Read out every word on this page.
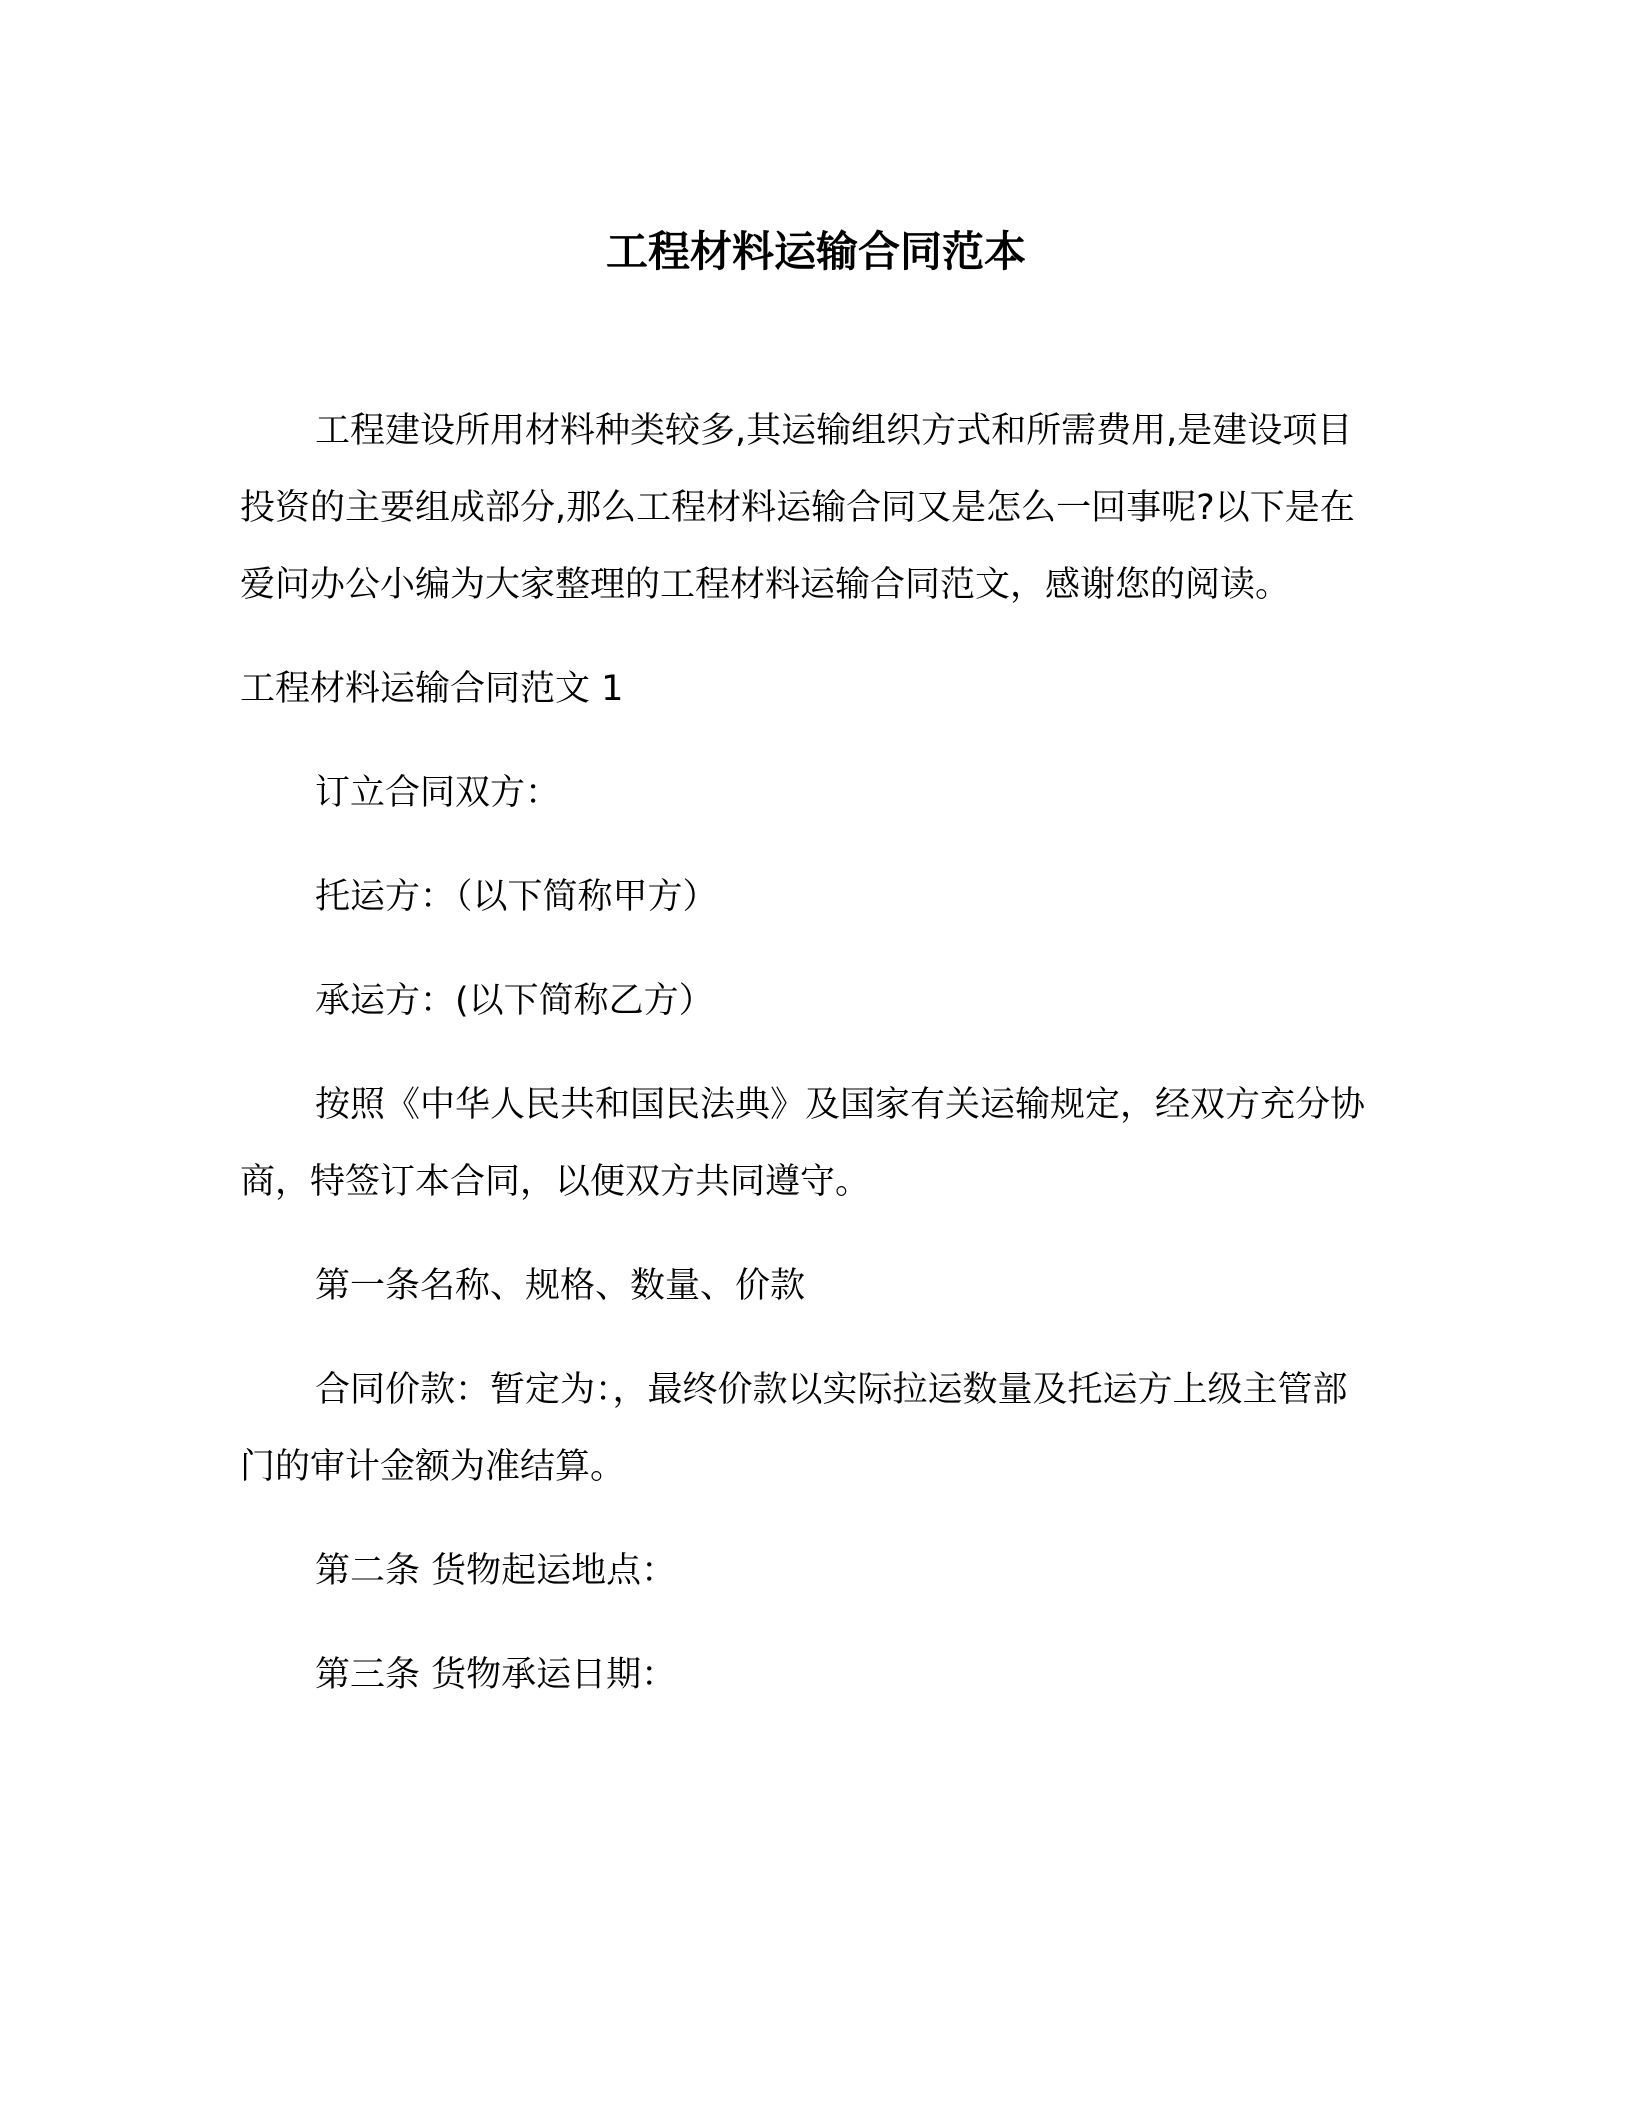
工程材料运输合同范本

工程建设所用材料种类较多,其运输组织方式和所需费用,是建设项目投资的主要组成部分,那么工程材料运输合同又是怎么一回事呢?以下是在爱问办公小编为大家整理的工程材料运输合同范文，感谢您的阅读。

工程材料运输合同范文 1

订立合同双方：

托运方：（以下简称甲方）

承运方：(以下简称乙方）

按照《中华人民共和国民法典》及国家有关运输规定，经双方充分协商，特签订本合同，以便双方共同遵守。

第一条名称、规格、数量、价款

合同价款：暂定为：，最终价款以实际拉运数量及托运方上级主管部门的审计金额为准结算。

第二条 货物起运地点：

第三条 货物承运日期：
